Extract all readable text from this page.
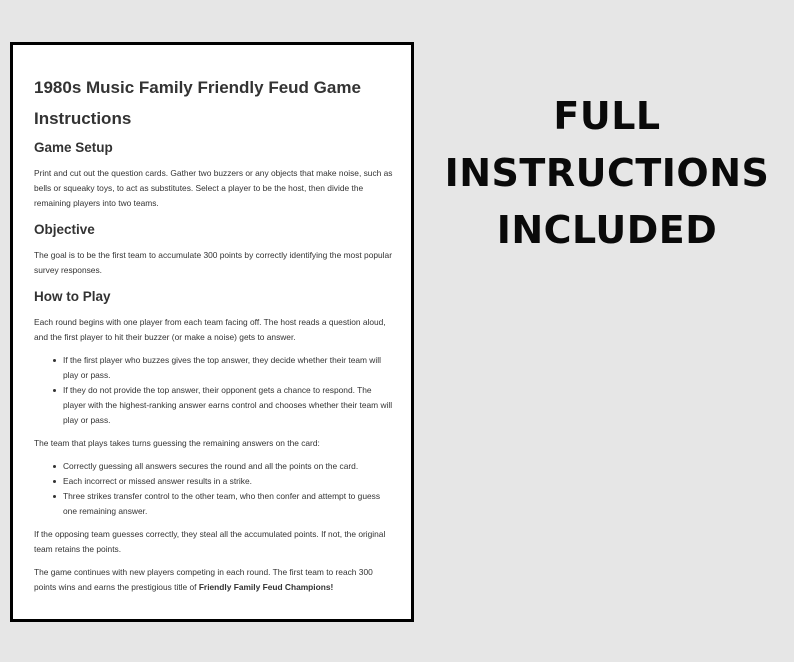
1980s Music Family Friendly Feud Game
Instructions
Game Setup

Print and cut out the question cards. Gather two buzzers or any objects that make noise, such as bells or squeaky toys, to act as substitutes. Select a player to be the host, then divide the remaining players into two teams.

Objective

The goal is to be the first team to accumulate 300 points by correctly identifying the most popular survey responses.

How to Play

Each round begins with one player from each team facing off. The host reads a question aloud, and the first player to hit their buzzer (or make a noise) gets to answer.

If the first player who buzzes gives the top answer, they decide whether their team will play or pass.
If they do not provide the top answer, their opponent gets a chance to respond. The player with the highest-ranking answer earns control and chooses whether their team will play or pass.

The team that plays takes turns guessing the remaining answers on the card:

Correctly guessing all answers secures the round and all the points on the card.
Each incorrect or missed answer results in a strike.
Three strikes transfer control to the other team, who then confer and attempt to guess one remaining answer.

If the opposing team guesses correctly, they steal all the accumulated points. If not, the original team retains the points.

The game continues with new players competing in each round. The first team to reach 300 points wins and earns the prestigious title of Friendly Family Feud Champions!

FULL
INSTRUCTIONS
INCLUDED
